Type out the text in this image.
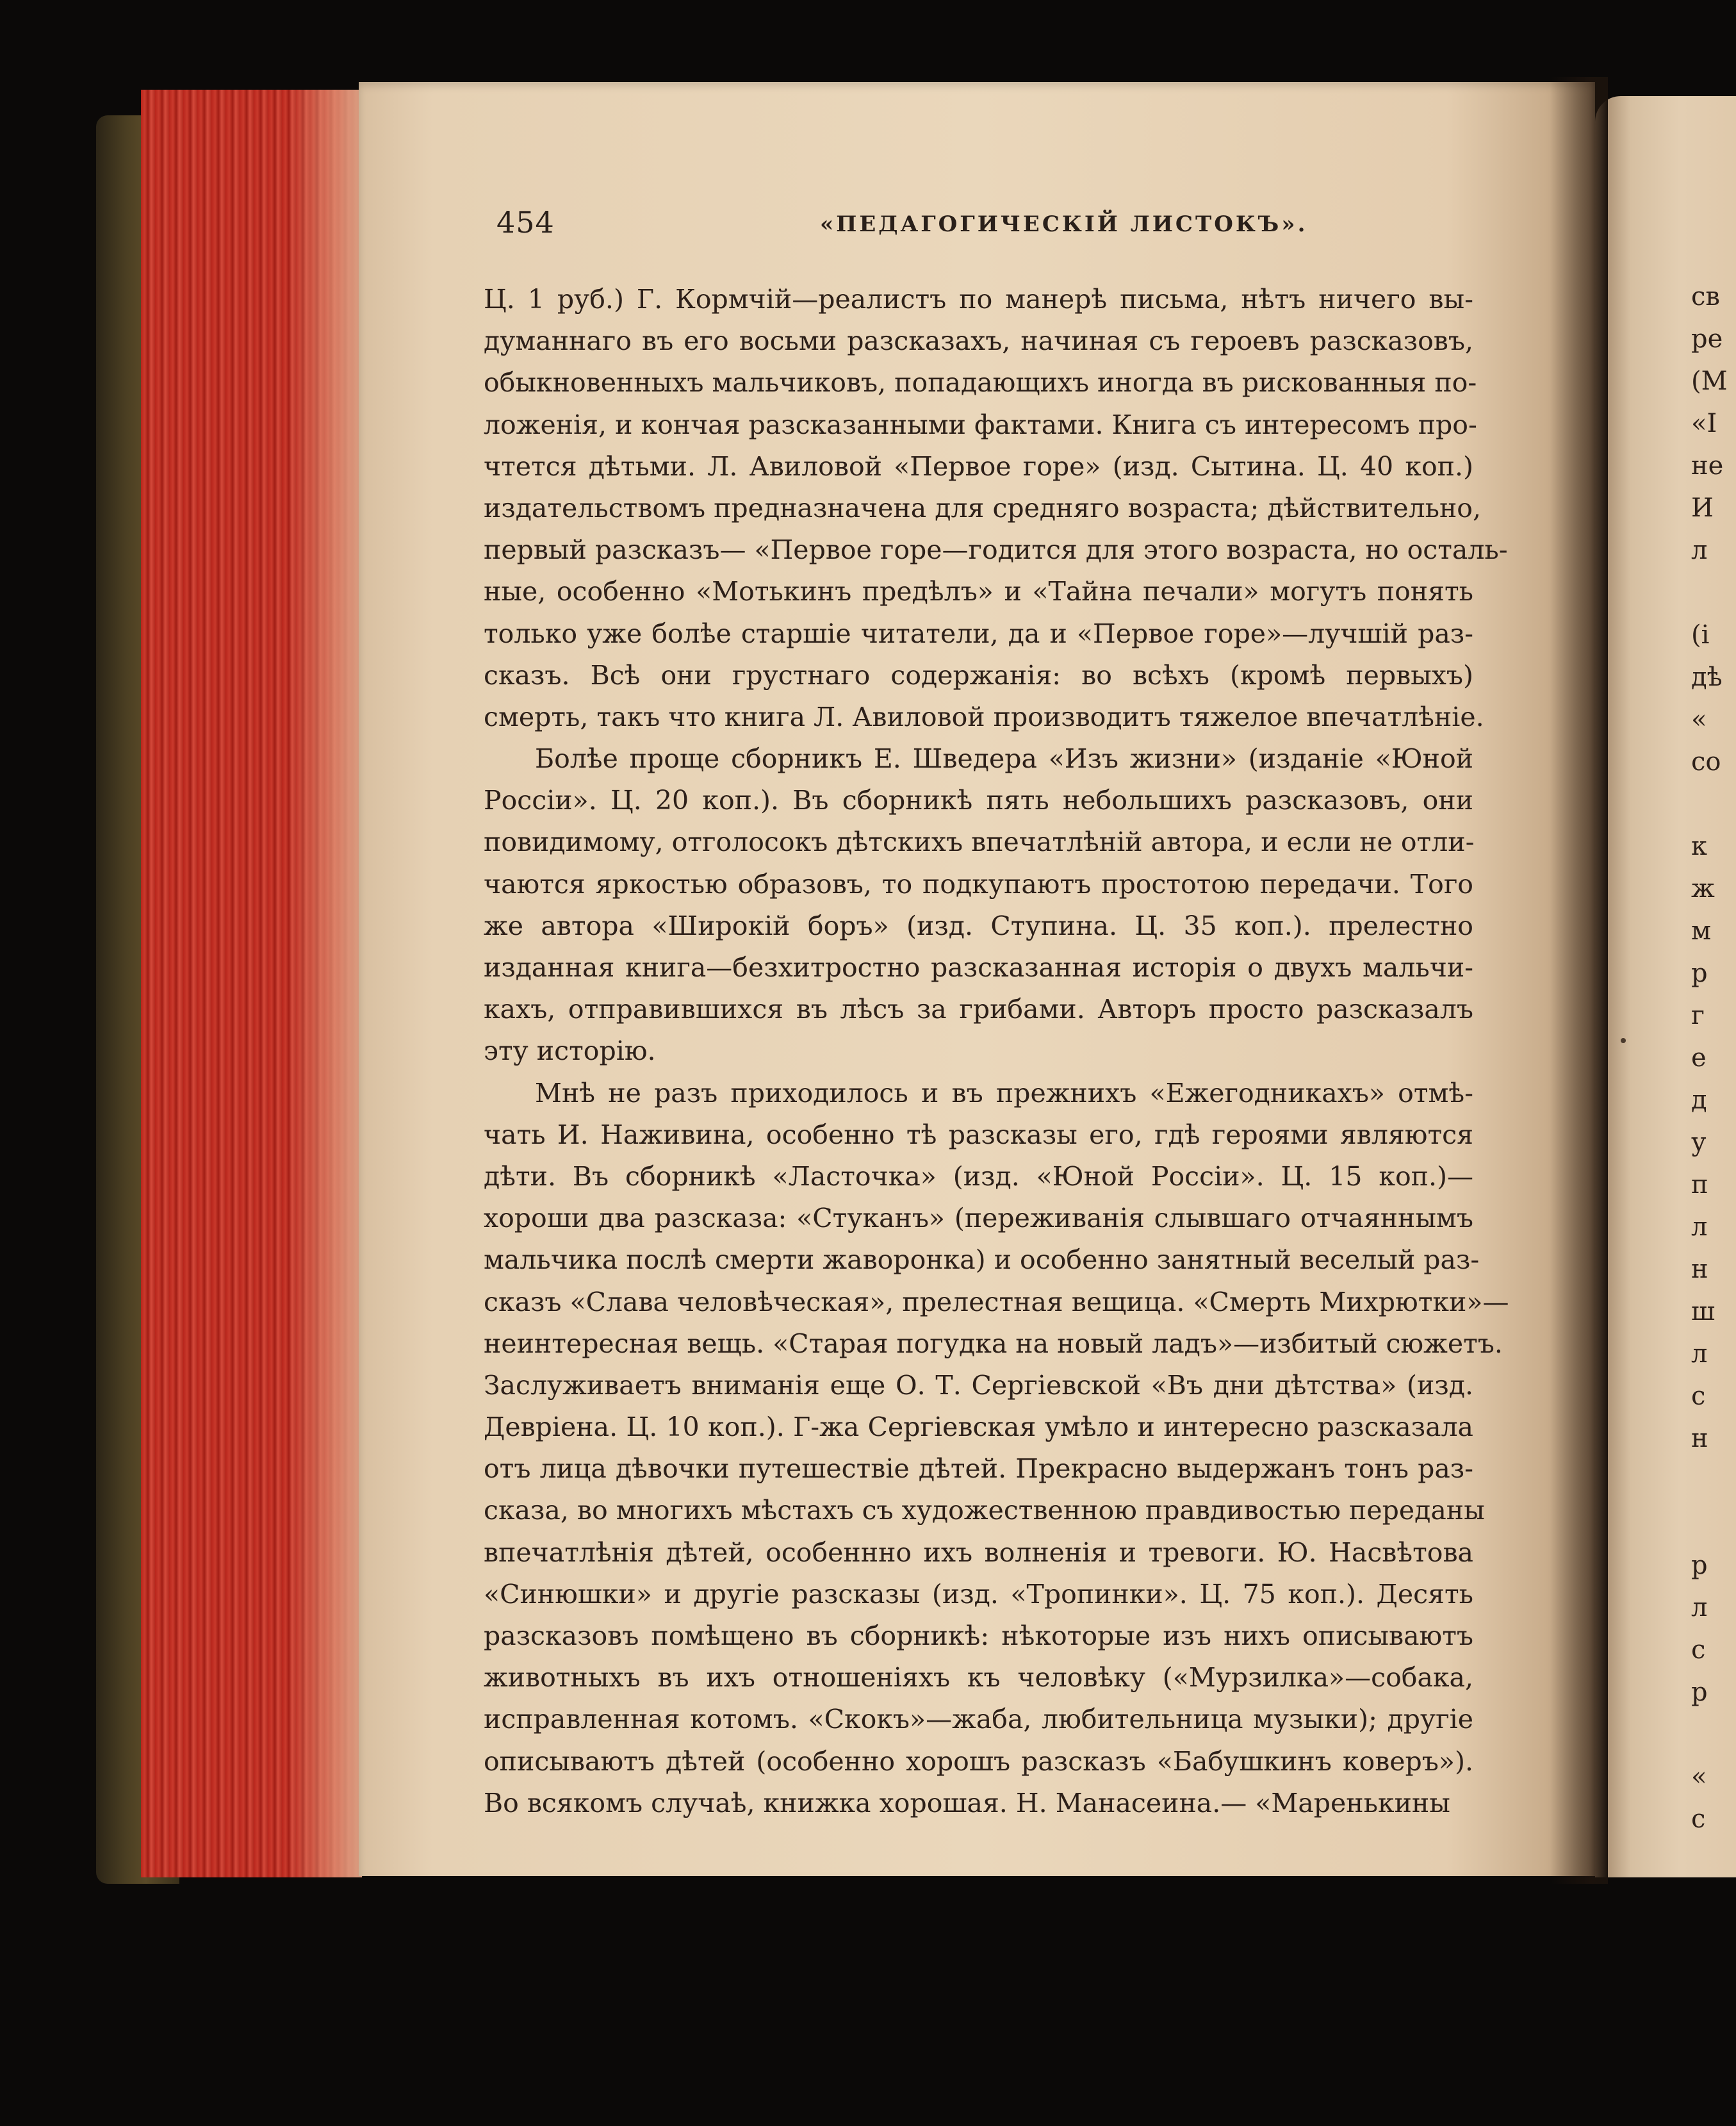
454	«ПЕДАГОГИЧЕСКІЙ ЛИСТОКЪ».
Ц. 1 руб.) Г. Кормчій—реалистъ по манерѣ письма, нѣтъ ничего вы-
думаннаго въ его восьми разсказахъ, начиная съ героевъ разсказовъ,
обыкновенныхъ мальчиковъ, попадающихъ иногда въ рискованныя по-
ложенія, и кончая разсказанными фактами. Книга съ интересомъ про-
чтется дѣтьми. Л. Авиловой «Первое горе» (изд. Сытина. Ц. 40 коп.)
издательствомъ предназначена для средняго возраста; дѣйствительно,
первый разсказъ— «Первое горе—годится для этого возраста, но осталь-
ные, особенно «Мотькинъ предѣлъ» и «Тайна печали» могутъ понять
только уже болѣе старшіе читатели, да и «Первое горе»—лучшій раз-
сказъ. Всѣ они грустнаго содержанія: во всѣхъ (кромѣ первыхъ)
смерть, такъ что книга Л. Авиловой производитъ тяжелое впечатлѣніе.
Болѣе проще сборникъ Е. Шведера «Изъ жизни» (изданіе «Юной
Россіи». Ц. 20 коп.). Въ сборникѣ пять небольшихъ разсказовъ, они
повидимому, отголосокъ дѣтскихъ впечатлѣній автора, и если не отли-
чаются яркостью образовъ, то подкупаютъ простотою передачи. Того
же автора «Широкій боръ» (изд. Ступина. Ц. 35 коп.). прелестно
изданная книга—безхитростно разсказанная исторія о двухъ мальчи-
кахъ, отправившихся въ лѣсъ за грибами. Авторъ просто разсказалъ
эту исторію.
Мнѣ не разъ приходилось и въ прежнихъ «Ежегодникахъ» отмѣ-
чать И. Наживина, особенно тѣ разсказы его, гдѣ героями являются
дѣти. Въ сборникѣ «Ласточка» (изд. «Юной Россіи». Ц. 15 коп.)—
хороши два разсказа: «Стуканъ» (переживанія слывшаго отчаяннымъ
мальчика послѣ смерти жаворонка) и особенно занятный веселый раз-
сказъ «Слава человѣческая», прелестная вещица. «Смерть Михрютки»—
неинтересная вещь. «Старая погудка на новый ладъ»—избитый сюжетъ.
Заслуживаетъ вниманія еще О. Т. Сергіевской «Въ дни дѣтства» (изд.
Девріена. Ц. 10 коп.). Г-жа Сергіевская умѣло и интересно разсказала
отъ лица дѣвочки путешествіе дѣтей. Прекрасно выдержанъ тонъ раз-
сказа, во многихъ мѣстахъ съ художественною правдивостью переданы
впечатлѣнія дѣтей, особеннно ихъ волненія и тревоги. Ю. Насвѣтова
«Синюшки» и другіе разсказы (изд. «Тропинки». Ц. 75 коп.). Десять
разсказовъ помѣщено въ сборникѣ: нѣкоторые изъ нихъ описываютъ
животныхъ въ ихъ отношеніяхъ къ человѣку («Мурзилка»—собака,
исправленная котомъ. «Скокъ»—жаба, любительница музыки); другіе
описываютъ дѣтей (особенно хорошъ разсказъ «Бабушкинъ коверъ»).
Во всякомъ случаѣ, книжка хорошая. Н. Манасеина.— «Маренькины
св
ре
(М
«I
не
И
л
(і
дѣ
«
со
к
ж
м
р
г
е
д
у
п
л
н
ш
л
с
н
р
л
с
р
«
с
